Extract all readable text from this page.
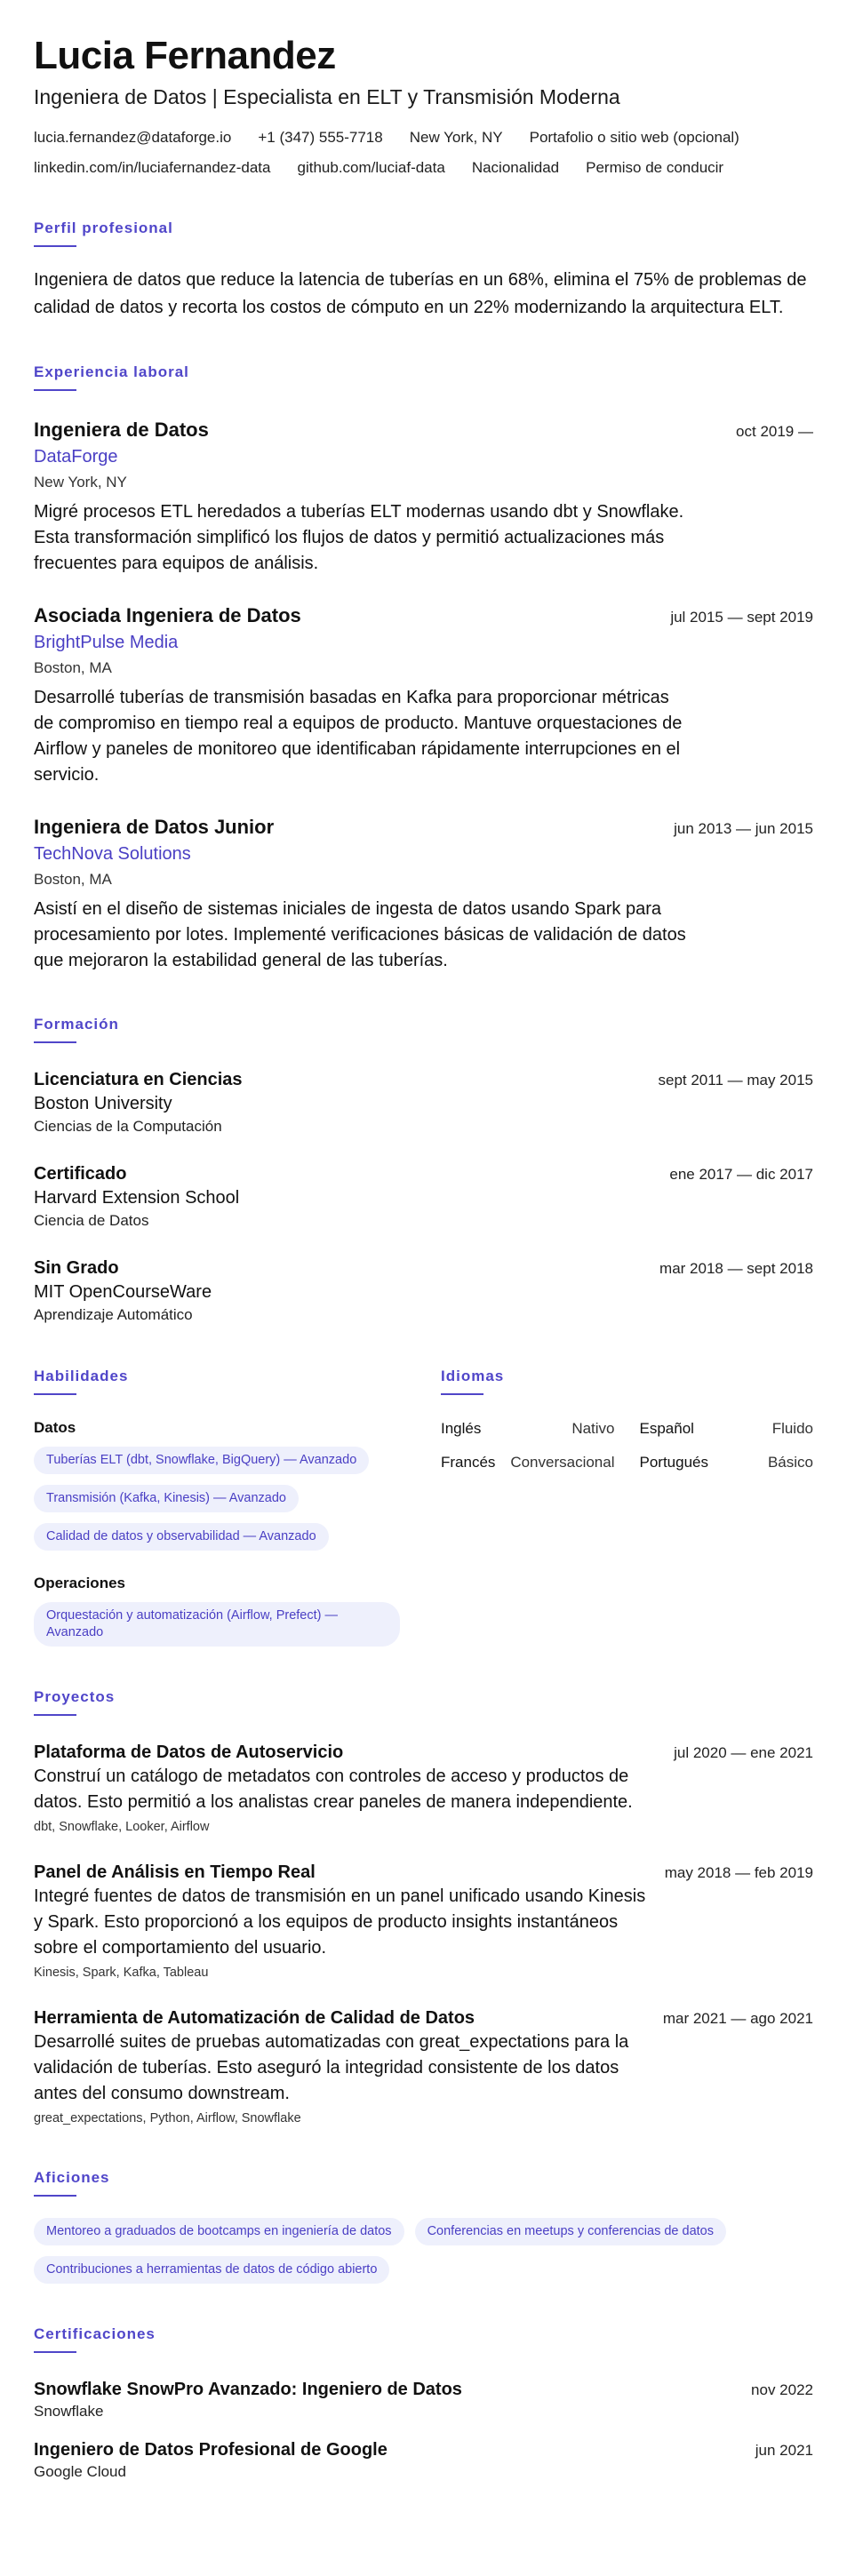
Lucia Fernandez
Ingeniera de Datos | Especialista en ELT y Transmisión Moderna
lucia.fernandez@dataforge.io +1 (347) 555-7718 New York, NY Portafolio o sitio web (opcional)
linkedin.com/in/luciafernandez-data github.com/luciaf-data Nacionalidad Permiso de conducir
Perfil profesional
Ingeniera de datos que reduce la latencia de tuberías en un 68%, elimina el 75% de problemas de calidad de datos y recorta los costos de cómputo en un 22% modernizando la arquitectura ELT.
Experiencia laboral
Ingeniera de Datos	oct 2019 —
DataForge
New York, NY
Migré procesos ETL heredados a tuberías ELT modernas usando dbt y Snowflake. Esta transformación simplificó los flujos de datos y permitió actualizaciones más frecuentes para equipos de análisis.
Asociada Ingeniera de Datos	jul 2015 — sept 2019
BrightPulse Media
Boston, MA
Desarrollé tuberías de transmisión basadas en Kafka para proporcionar métricas de compromiso en tiempo real a equipos de producto. Mantuve orquestaciones de Airflow y paneles de monitoreo que identificaban rápidamente interrupciones en el servicio.
Ingeniera de Datos Junior	jun 2013 — jun 2015
TechNova Solutions
Boston, MA
Asistí en el diseño de sistemas iniciales de ingesta de datos usando Spark para procesamiento por lotes. Implementé verificaciones básicas de validación de datos que mejoraron la estabilidad general de las tuberías.
Formación
Licenciatura en Ciencias	sept 2011 — may 2015
Boston University
Ciencias de la Computación
Certificado	ene 2017 — dic 2017
Harvard Extension School
Ciencia de Datos
Sin Grado	mar 2018 — sept 2018
MIT OpenCourseWare
Aprendizaje Automático
Habilidades
Datos
Tuberías ELT (dbt, Snowflake, BigQuery) — Avanzado
Transmisión (Kafka, Kinesis) — Avanzado
Calidad de datos y observabilidad — Avanzado
Operaciones
Orquestación y automatización (Airflow, Prefect) — Avanzado
Idiomas
Inglés	Nativo Español	Fluido
Francés Conversacional Portugués	Básico
Proyectos
Plataforma de Datos de Autoservicio	jul 2020 — ene 2021
Construí un catálogo de metadatos con controles de acceso y productos de datos. Esto permitió a los analistas crear paneles de manera independiente.
dbt, Snowflake, Looker, Airflow
Panel de Análisis en Tiempo Real	may 2018 — feb 2019
Integré fuentes de datos de transmisión en un panel unificado usando Kinesis y Spark. Esto proporcionó a los equipos de producto insights instantáneos sobre el comportamiento del usuario.
Kinesis, Spark, Kafka, Tableau
Herramienta de Automatización de Calidad de Datos	mar 2021 — ago 2021
Desarrollé suites de pruebas automatizadas con great_expectations para la validación de tuberías. Esto aseguró la integridad consistente de los datos antes del consumo downstream.
great_expectations, Python, Airflow, Snowflake
Aficiones
Mentoreo a graduados de bootcamps en ingeniería de datos	Conferencias en meetups y conferencias de datos
Contribuciones a herramientas de datos de código abierto
Certificaciones
Snowflake SnowPro Avanzado: Ingeniero de Datos	nov 2022
Snowflake
Ingeniero de Datos Profesional de Google	jun 2021
Google Cloud
